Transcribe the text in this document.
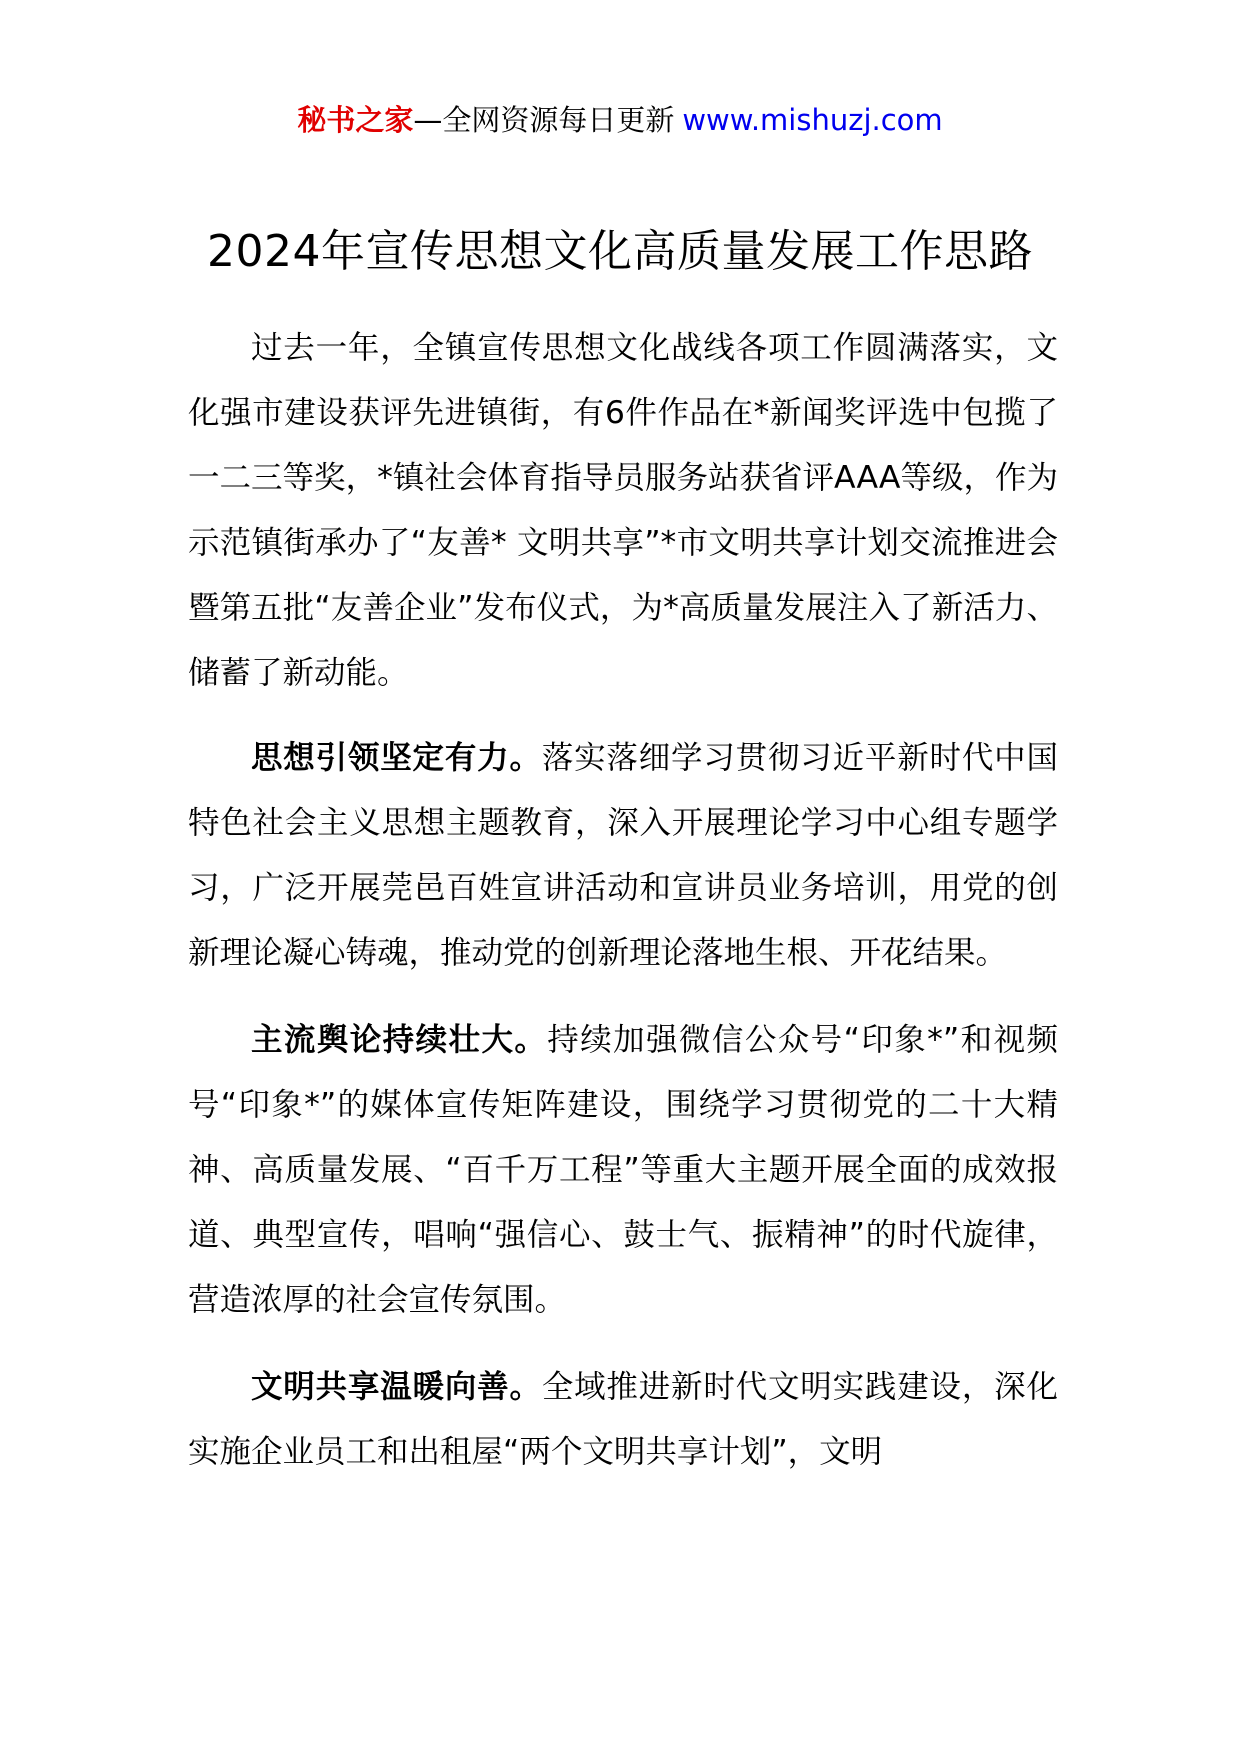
秘书之家—全网资源每日更新 www.mishuzj.com
2024年宣传思想文化高质量发展工作思路

过去一年，全镇宣传思想文化战线各项工作圆满落实，文化强市建设获评先进镇街，有6件作品在*新闻奖评选中包揽了一二三等奖，*镇社会体育指导员服务站获省评AAA等级，作为示范镇街承办了“友善* 文明共享”*市文明共享计划交流推进会暨第五批“友善企业”发布仪式，为*高质量发展注入了新活力、储蓄了新动能。

思想引领坚定有力。落实落细学习贯彻习近平新时代中国特色社会主义思想主题教育，深入开展理论学习中心组专题学习，广泛开展莞邑百姓宣讲活动和宣讲员业务培训，用党的创新理论凝心铸魂，推动党的创新理论落地生根、开花结果。

主流舆论持续壮大。持续加强微信公众号“印象*”和视频号“印象*”的媒体宣传矩阵建设，围绕学习贯彻党的二十大精神、高质量发展、“百千万工程”等重大主题开展全面的成效报道、典型宣传，唱响“强信心、鼓士气、振精神”的时代旋律，营造浓厚的社会宣传氛围。

文明共享温暖向善。全域推进新时代文明实践建设，深化实施企业员工和出租屋“两个文明共享计划”，文明
